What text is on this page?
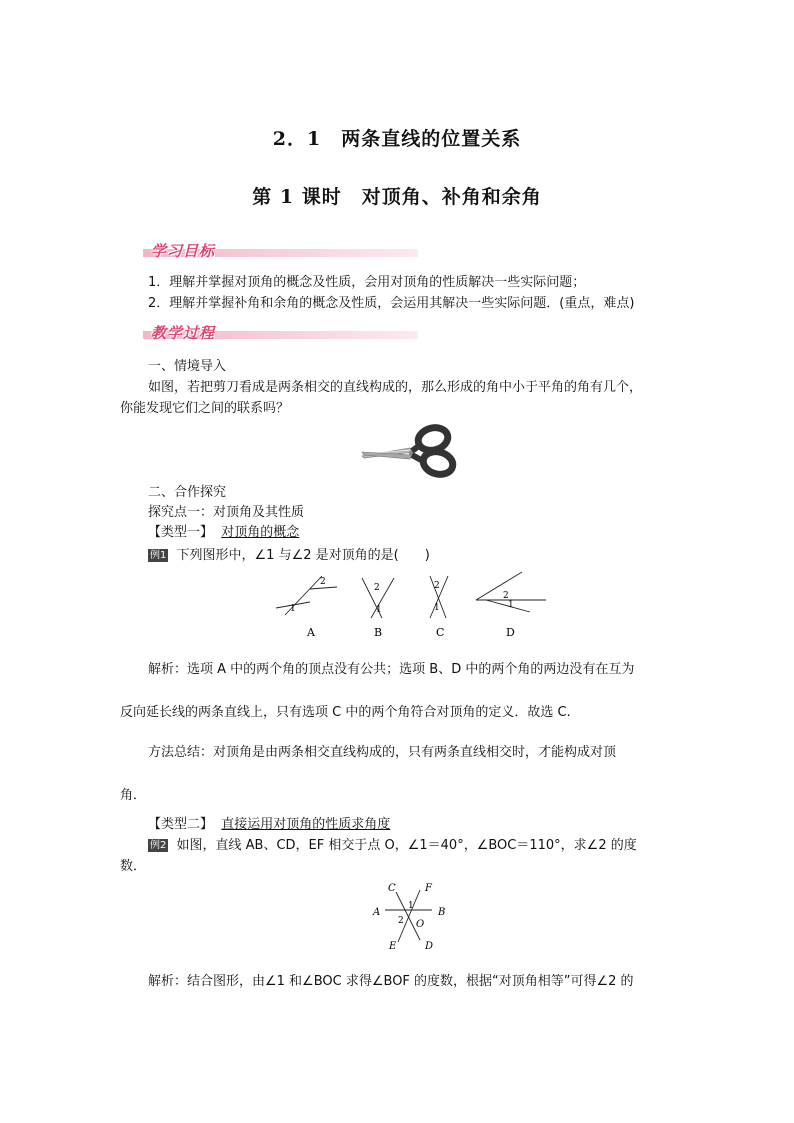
2．1　两条直线的位置关系
第 1 课时　对顶角、补角和余角
学习目标
1．理解并掌握对顶角的概念及性质，会用对顶角的性质解决一些实际问题；
2．理解并掌握补角和余角的概念及性质，会运用其解决一些实际问题．(重点，难点)
教学过程
一、情境导入
如图，若把剪刀看成是两条相交的直线构成的，那么形成的角中小于平角的角有几个，
你能发现它们之间的联系吗？
二、合作探究
探究点一：对顶角及其性质
【类型一】 对顶角的概念
例1 下列图形中，∠1 与∠2 是对顶角的是(　　)
1
2
2
1
2
1
2
1
A	B	C	D
解析：选项 A 中的两个角的顶点没有公共；选项 B、D 中的两个角的两边没有在互为
反向延长线的两条直线上，只有选项 C 中的两个角符合对顶角的定义．故选 C.
方法总结：对顶角是由两条相交直线构成的，只有两条直线相交时，才能构成对顶
角．
【类型二】 直接运用对顶角的性质求角度
例2 如图，直线 AB、CD，EF 相交于点 O，∠1＝40°，∠BOC＝110°，求∠2 的度
数．
C	F
A	B
O
E	D
1
2
解析：结合图形，由∠1 和∠BOC 求得∠BOF 的度数，根据“对顶角相等”可得∠2 的
